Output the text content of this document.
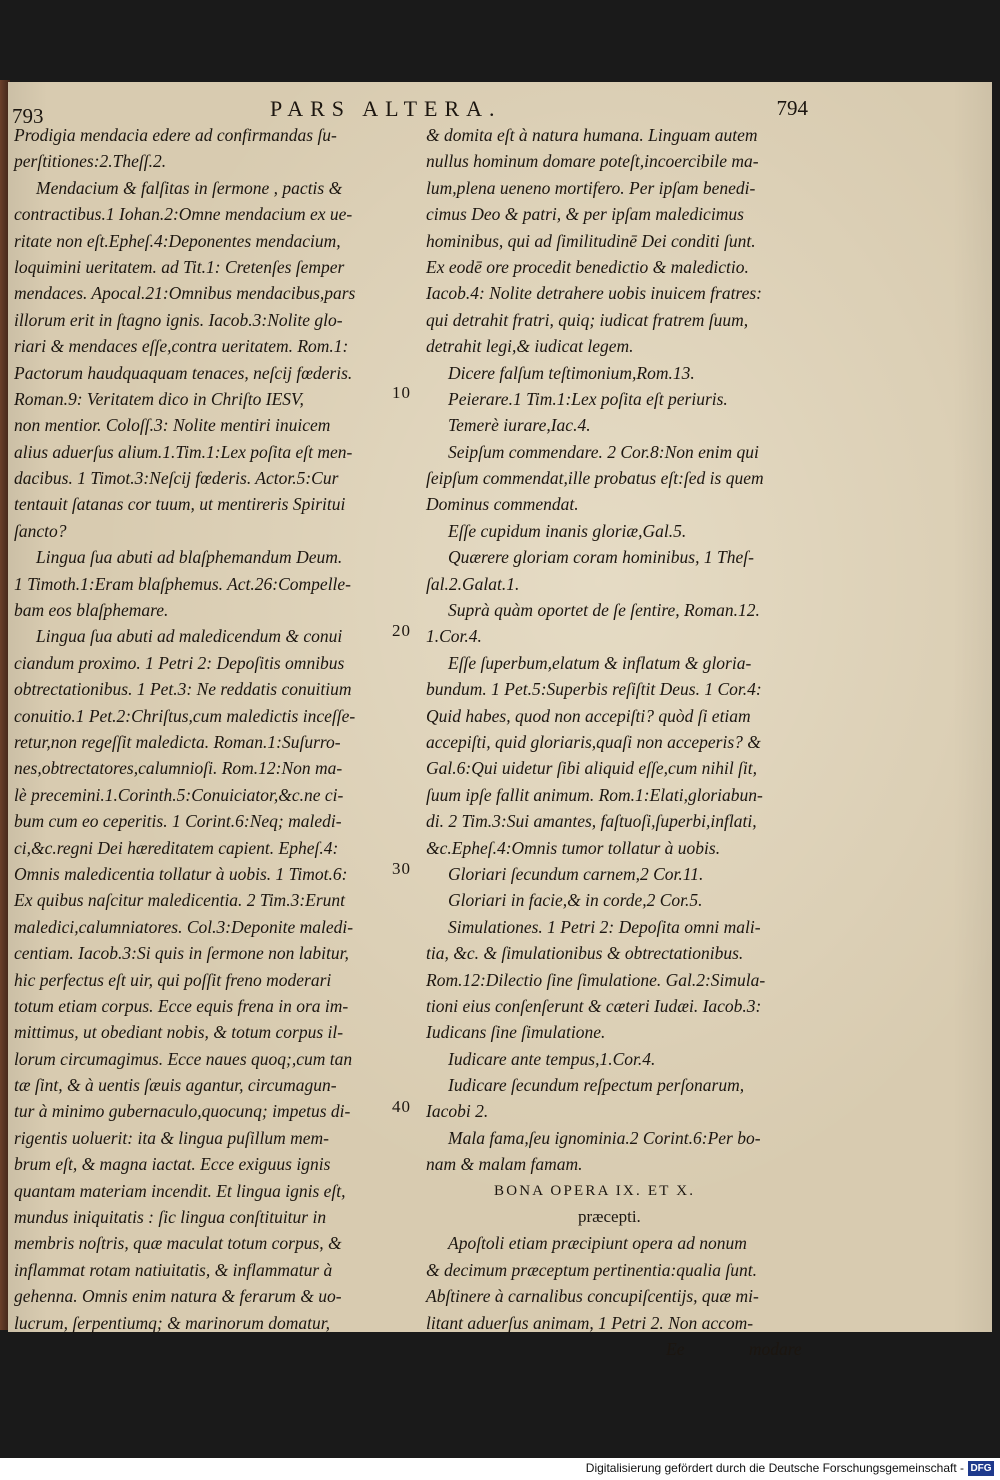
793	PARS ALTERA.	794
Prodigia mendacia edere ad confirmandas ſu-
perſtitiones:2.Theſſ.2.
Mendacium & falſitas in ſermone , pactis &
contractibus.1 Iohan.2:Omne mendacium ex ue-
ritate non eſt.Epheſ.4:Deponentes mendacium,
loquimini ueritatem. ad Tit.1: Cretenſes ſemper
mendaces. Apocal.21:Omnibus mendacibus,pars
illorum erit in ſtagno ignis. Iacob.3:Nolite glo-
riari & mendaces eſſe,contra ueritatem. Rom.1:
Pactorum haudquaquam tenaces, neſcij fœderis.
Roman.9: Veritatem dico in Chriſto IESV,
non mentior. Coloſſ.3: Nolite mentiri inuicem
alius aduerſus alium.1.Tim.1:Lex poſita eſt men-
dacibus. 1 Timot.3:Neſcij fœderis. Actor.5:Cur
tentauit ſatanas cor tuum, ut mentireris Spiritui
ſancto?
Lingua ſua abuti ad blaſphemandum Deum.
1 Timoth.1:Eram blaſphemus. Act.26:Compelle-
bam eos blaſphemare.
Lingua ſua abuti ad maledicendum & conui
ciandum proximo. 1 Petri 2: Depoſitis omnibus
obtrectationibus. 1 Pet.3: Ne reddatis conuitium
conuitio.1 Pet.2:Chriſtus,cum maledictis inceſſe-
retur,non regeſſit maledicta. Roman.1:Suſurro-
nes,obtrectatores,calumnioſi. Rom.12:Non ma-
lè precemini.1.Corinth.5:Conuiciator,&c.ne ci-
bum cum eo ceperitis. 1 Corint.6:Neq; maledi-
ci,&c.regni Dei hæreditatem capient. Epheſ.4:
Omnis maledicentia tollatur à uobis. 1 Timot.6:
Ex quibus naſcitur maledicentia. 2 Tim.3:Erunt
maledici,calumniatores. Col.3:Deponite maledi-
centiam. Iacob.3:Si quis in ſermone non labitur,
hic perfectus eſt uir, qui poſſit freno moderari
totum etiam corpus. Ecce equis frena in ora im-
mittimus, ut obediant nobis, & totum corpus il-
lorum circumagimus. Ecce naues quoq;,cum tan
tæ ſint, & à uentis ſæuis agantur, circumagun-
tur à minimo gubernaculo,quocunq; impetus di-
rigentis uoluerit: ita & lingua puſillum mem-
brum eſt, & magna iactat. Ecce exiguus ignis
quantam materiam incendit. Et lingua ignis eſt,
mundus iniquitatis : ſic lingua conſtituitur in
membris noſtris, quæ maculat totum corpus, &
inflammat rotam natiuitatis, & inflammatur à
gehenna. Omnis enim natura & ferarum & uo-
lucrum, ſerpentiumq; & marinorum domatur,
10
20
30
40
& domita eſt à natura humana. Linguam autem
nullus hominum domare poteſt,incoercibile ma-
lum,plena ueneno mortifero. Per ipſam benedi-
cimus Deo & patri, & per ipſam maledicimus
hominibus, qui ad ſimilitudinē Dei conditi ſunt.
Ex eodē ore procedit benedictio & maledictio.
Iacob.4: Nolite detrahere uobis inuicem fratres:
qui detrahit fratri, quiq; iudicat fratrem ſuum,
detrahit legi,& iudicat legem.
Dicere falſum teſtimonium,Rom.13.
Peierare.1 Tim.1:Lex poſita eſt periuris.
Temerè iurare,Iac.4.
Seipſum commendare. 2 Cor.8:Non enim qui
ſeipſum commendat,ille probatus eſt:ſed is quem
Dominus commendat.
Eſſe cupidum inanis gloriæ,Gal.5.
Quærere gloriam coram hominibus, 1 Theſ-
ſal.2.Galat.1.
Suprà quàm oportet de ſe ſentire, Roman.12.
1.Cor.4.
Eſſe ſuperbum,elatum & inflatum & gloria-
bundum. 1 Pet.5:Superbis reſiſtit Deus. 1 Cor.4:
Quid habes, quod non accepiſti? quòd ſi etiam
accepiſti, quid gloriaris,quaſi non acceperis? &
Gal.6:Qui uidetur ſibi aliquid eſſe,cum nihil ſit,
ſuum ipſe fallit animum. Rom.1:Elati,gloriabun-
di. 2 Tim.3:Sui amantes, faſtuoſi,ſuperbi,inflati,
&c.Epheſ.4:Omnis tumor tollatur à uobis.
Gloriari ſecundum carnem,2 Cor.11.
Gloriari in facie,& in corde,2 Cor.5.
Simulationes. 1 Petri 2: Depoſita omni mali-
tia, &c. & ſimulationibus & obtrectationibus.
Rom.12:Dilectio ſine ſimulatione. Gal.2:Simula-
tioni eius conſenſerunt & cæteri Iudæi. Iacob.3:
Iudicans ſine ſimulatione.
Iudicare ante tempus,1.Cor.4.
Iudicare ſecundum reſpectum perſonarum,
Iacobi 2.
Mala fama,ſeu ignominia.2 Corint.6:Per bo-
nam & malam famam.
BONA OPERA IX. ET X.
præcepti.
Apoſtoli etiam præcipiunt opera ad nonum
& decimum præceptum pertinentia:qualia ſunt.
Abſtinere à carnalibus concupiſcentijs, quæ mi-
litant aduerſus animam, 1 Petri 2. Non accom-
Ee modare
Digitalisierung gefördert durch die Deutsche Forschungsgemeinschaft - DFG
